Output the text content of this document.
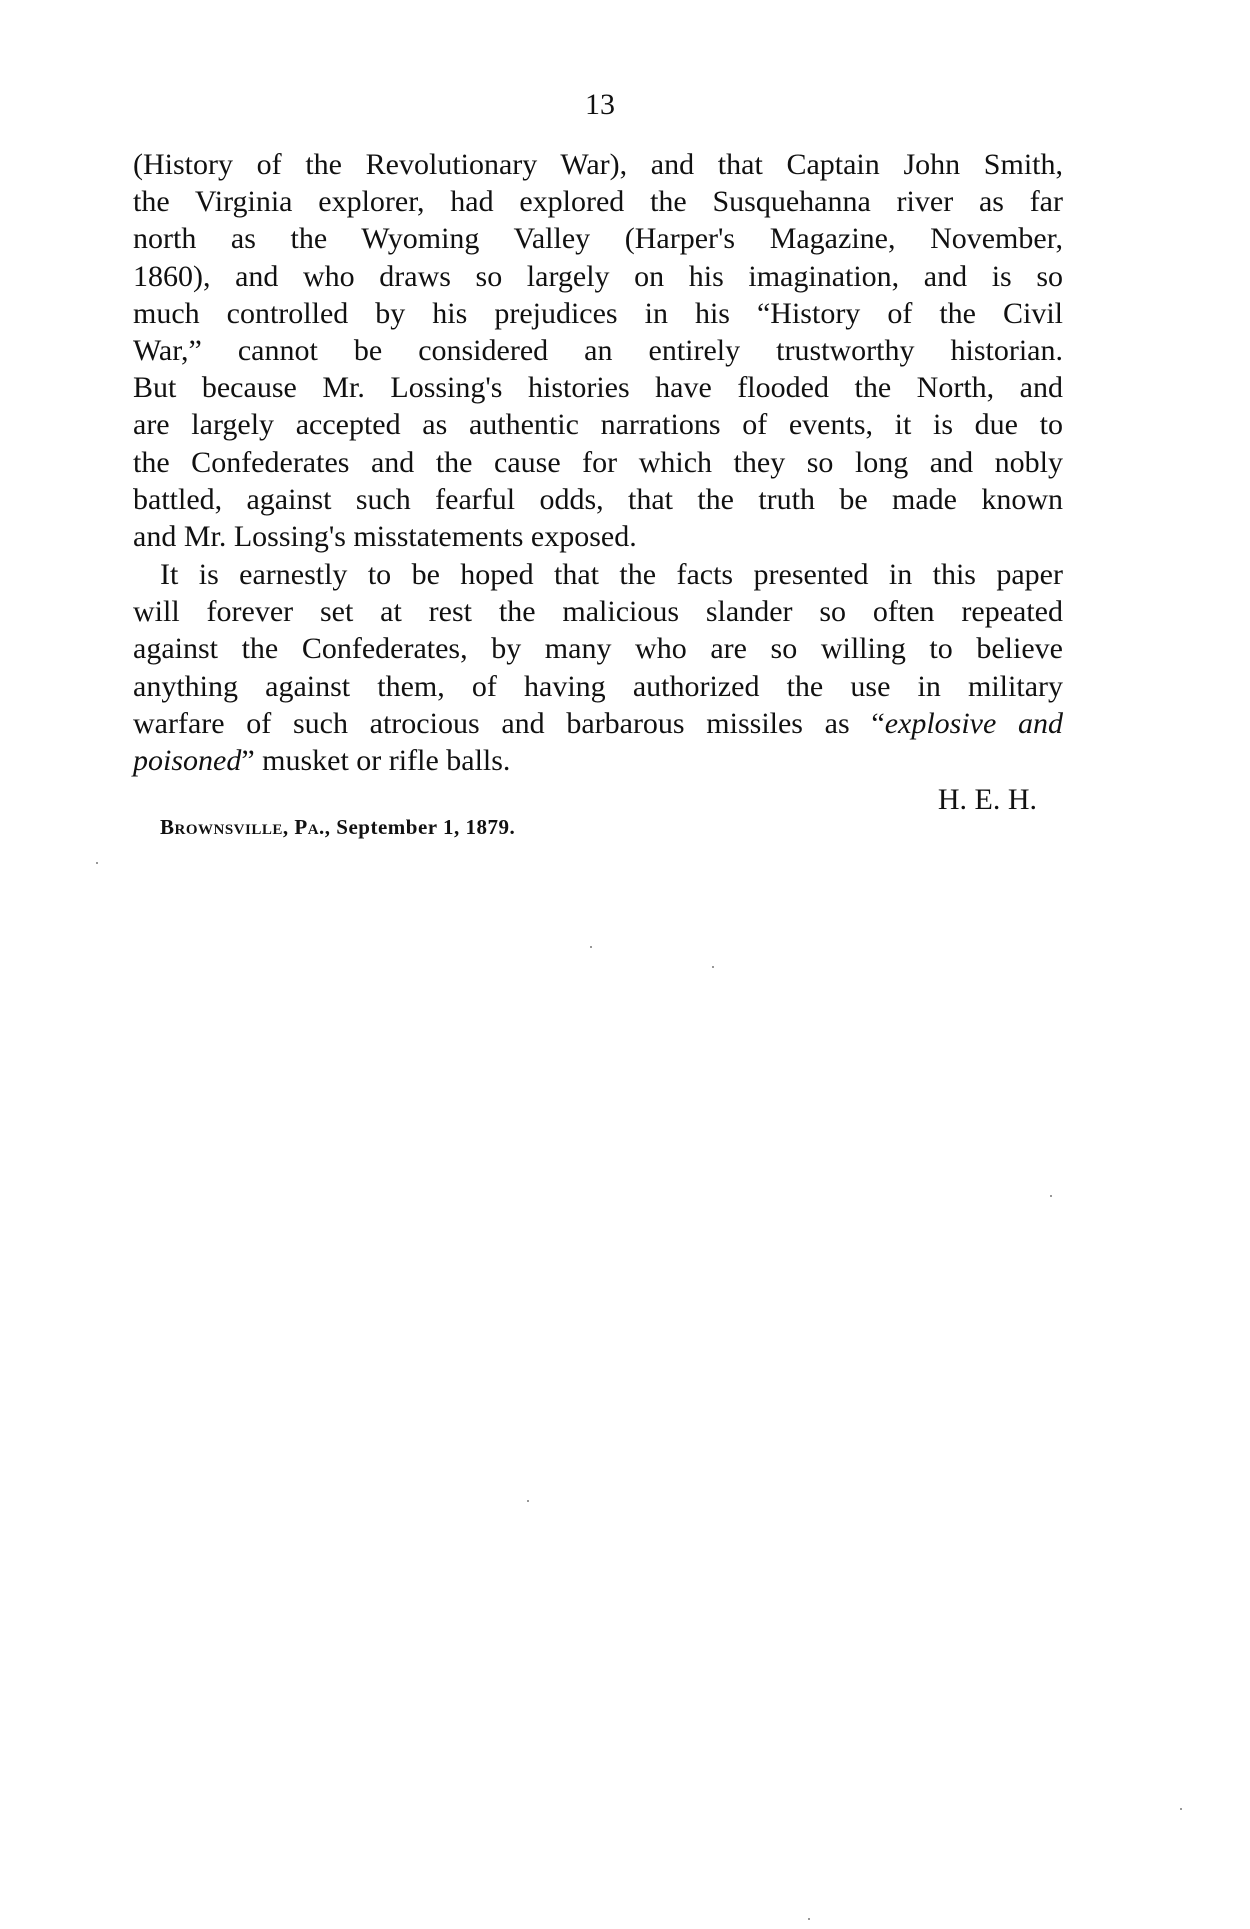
13
(History of the Revolutionary War), and that Captain John Smith,
the Virginia explorer, had explored the Susquehanna river as far
north as the Wyoming Valley (Harper's Magazine, November,
1860), and who draws so largely on his imagination, and is so
much controlled by his prejudices in his “History of the Civil
War,” cannot be considered an entirely trustworthy historian.
But because Mr. Lossing's histories have flooded the North, and
are largely accepted as authentic narrations of events, it is due to
the Confederates and the cause for which they so long and nobly
battled, against such fearful odds, that the truth be made known
and Mr. Lossing's misstatements exposed.
It is earnestly to be hoped that the facts presented in this paper
will forever set at rest the malicious slander so often repeated
against the Confederates, by many who are so willing to believe
anything against them, of having authorized the use in military
warfare of such atrocious and barbarous missiles as “explosive and
poisoned” musket or rifle balls.
H. E. H.
Brownsville, Pa., September 1, 1879.
